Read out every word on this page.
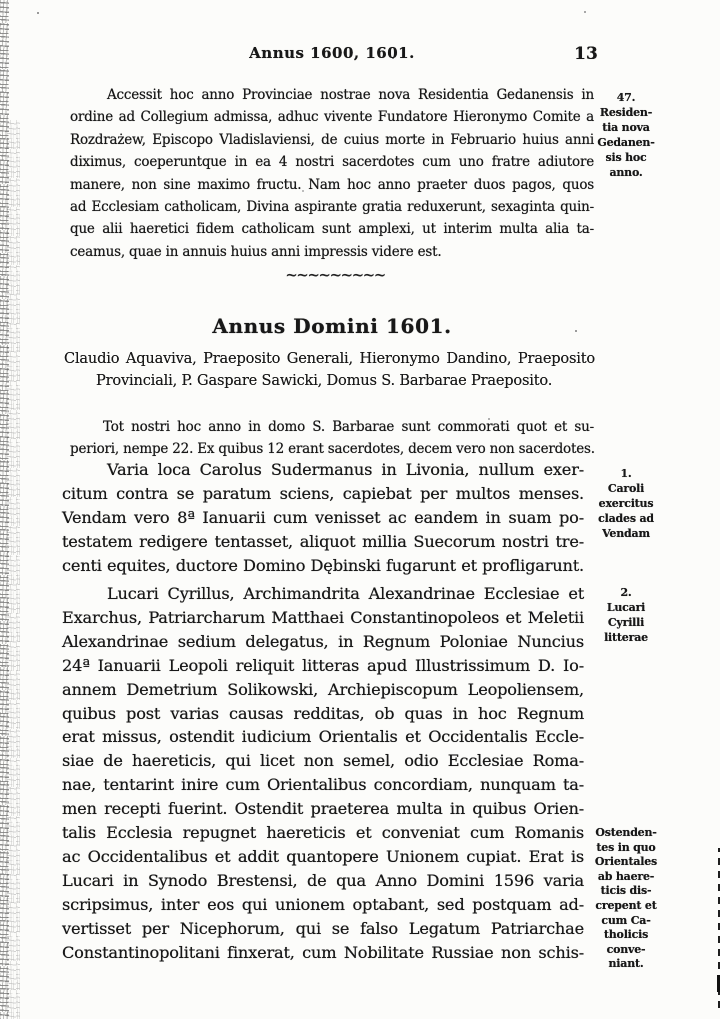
Annus 1600, 1601.	13
Accessit hoc anno Provinciae nostrae nova Residentia Gedanensis in
ordine ad Collegium admissa, adhuc vivente Fundatore Hieronymo Comite a
Rozdrażew, Episcopo Vladislaviensi, de cuius morte in Februario huius anni
diximus, coeperuntque in ea 4 nostri sacerdotes cum uno fratre adiutore
manere, non sine maximo fructu. Nam hoc anno praeter duos pagos, quos
ad Ecclesiam catholicam, Divina aspirante gratia reduxerunt, sexaginta quin-
que alii haeretici fidem catholicam sunt amplexi, ut interim multa alia ta-
ceamus, quae in annuis huius anni impressis videre est.
~~~~~~~~~
Annus Domini 1601.
Claudio Aquaviva, Praeposito Generali, Hieronymo Dandino, Praeposito
Provinciali, P. Gaspare Sawicki, Domus S. Barbarae Praeposito.
Tot nostri hoc anno in domo S. Barbarae sunt commorati quot et su-
periori, nempe 22. Ex quibus 12 erant sacerdotes, decem vero non sacerdotes.
Varia loca Carolus Sudermanus in Livonia, nullum exer-
citum contra se paratum sciens, capiebat per multos menses.
Vendam vero 8ª Ianuarii cum venisset ac eandem in suam po-
testatem redigere tentasset, aliquot millia Suecorum nostri tre-
centi equites, ductore Domino Dębinski fugarunt et profligarunt.
Lucari Cyrillus, Archimandrita Alexandrinae Ecclesiae et
Exarchus, Patriarcharum Matthaei Constantinopoleos et Meletii
Alexandrinae sedium delegatus, in Regnum Poloniae Nuncius
24ª Ianuarii Leopoli reliquit litteras apud Illustrissimum D. Io-
annem Demetrium Solikowski, Archiepiscopum Leopoliensem,
quibus post varias causas redditas, ob quas in hoc Regnum
erat missus, ostendit iudicium Orientalis et Occidentalis Eccle-
siae de haereticis, qui licet non semel, odio Ecclesiae Roma-
nae, tentarint inire cum Orientalibus concordiam, nunquam ta-
men recepti fuerint. Ostendit praeterea multa in quibus Orien-
talis Ecclesia repugnet haereticis et conveniat cum Romanis
ac Occidentalibus et addit quantopere Unionem cupiat. Erat is
Lucari in Synodo Brestensi, de qua Anno Domini 1596 varia
scripsimus, inter eos qui unionem optabant, sed postquam ad-
vertisset per Nicephorum, qui se falso Legatum Patriarchae
Constantinopolitani finxerat, cum Nobilitate Russiae non schis-
47.
Residen-
tia nova
Gedanen-
sis hoc
anno.
1.
Caroli
exercitus
clades ad
Vendam
2.
Lucari
Cyrilli
litterae
Ostenden-
tes in quo
Orientales
ab haere-
ticis dis-
crepent et
cum Ca-
tholicis
conve-
niant.
